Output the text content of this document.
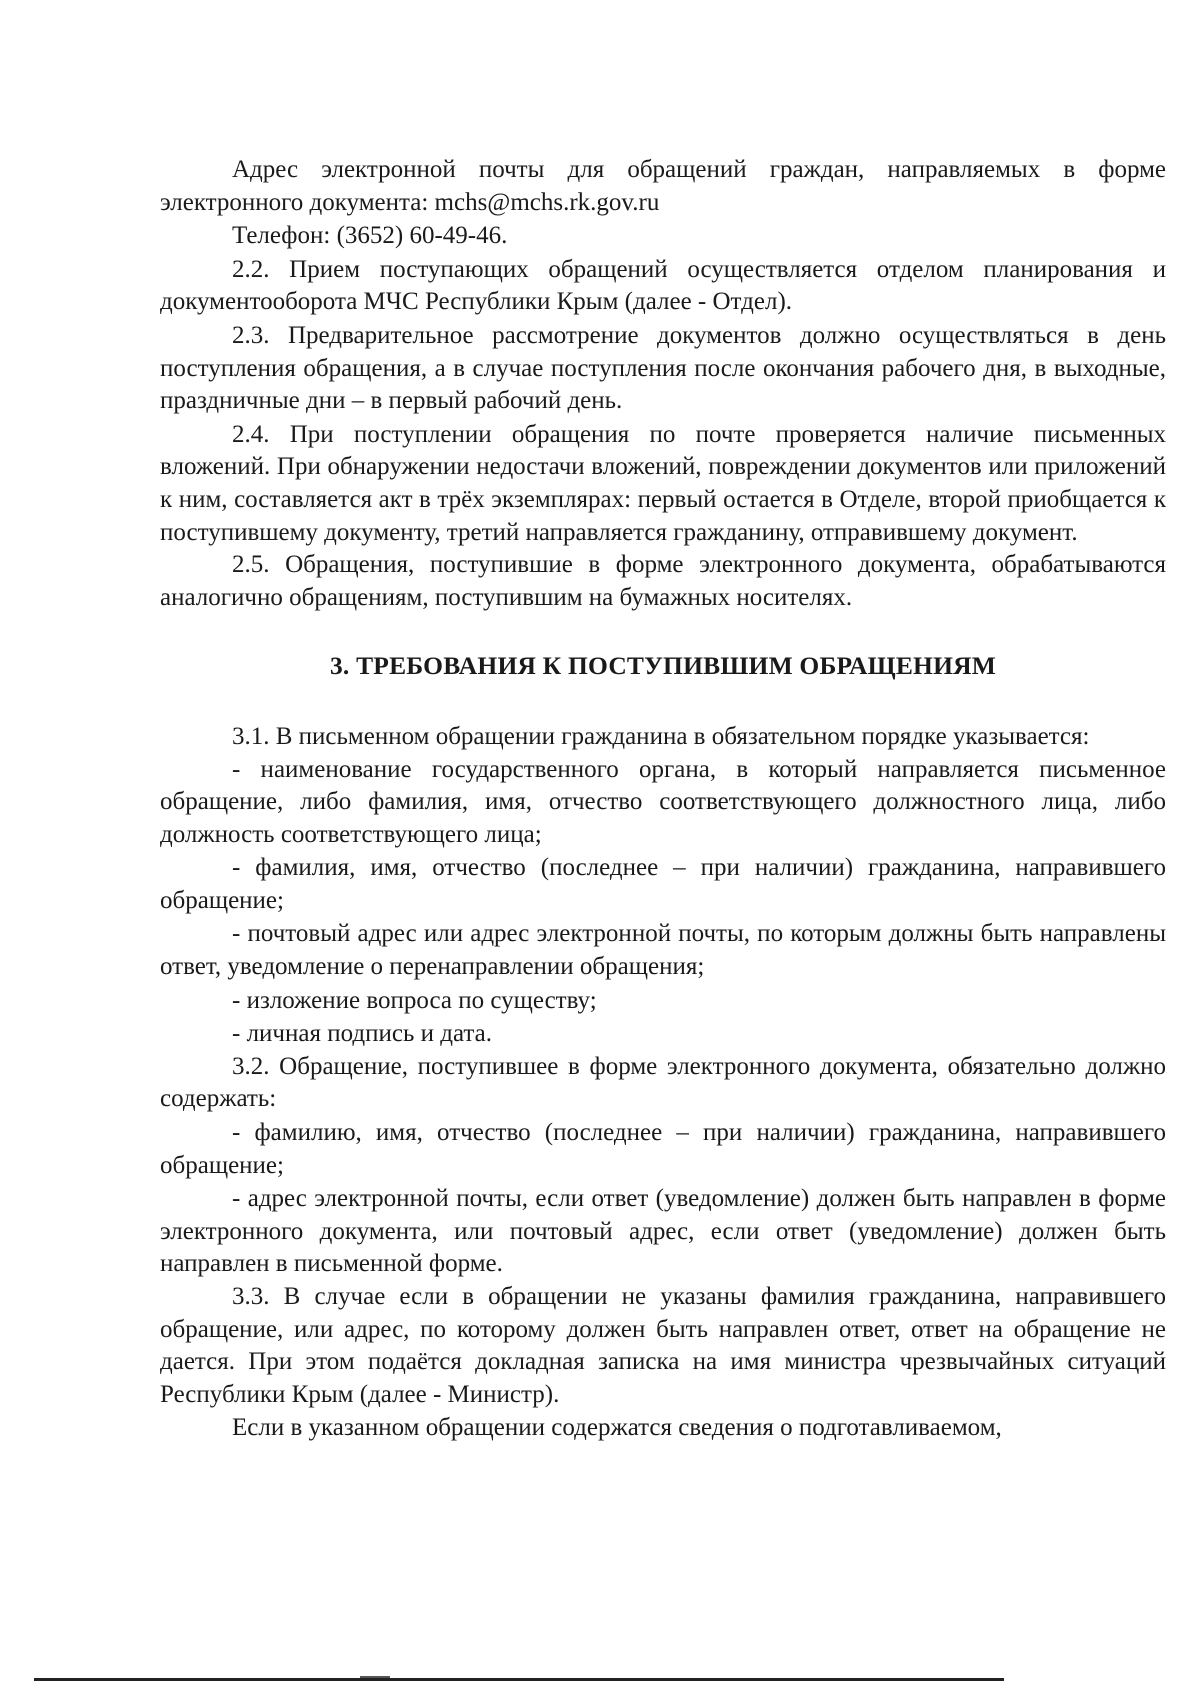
Адрес электронной почты для обращений граждан, направляемых в форме электронного документа: mchs@mchs.rk.gov.ru

Телефон: (3652) 60-49-46.

2.2. Прием поступающих обращений осуществляется отделом планирования и документооборота МЧС Республики Крым (далее - Отдел).

2.3. Предварительное рассмотрение документов должно осуществляться в день поступления обращения, а в случае поступления после окончания рабочего дня, в выходные, праздничные дни – в первый рабочий день.

2.4. При поступлении обращения по почте проверяется наличие письменных вложений. При обнаружении недостачи вложений, повреждении документов или приложений к ним, составляется акт в трёх экземплярах: первый остается в Отделе, второй приобщается к поступившему документу, третий направляется гражданину, отправившему документ.

2.5. Обращения, поступившие в форме электронного документа, обрабатываются аналогично обращениям, поступившим на бумажных носителях.

3. ТРЕБОВАНИЯ К ПОСТУПИВШИМ ОБРАЩЕНИЯМ

3.1. В письменном обращении гражданина в обязательном порядке указывается:

- наименование государственного органа, в который направляется письменное обращение, либо фамилия, имя, отчество соответствующего должностного лица, либо должность соответствующего лица;

- фамилия, имя, отчество (последнее – при наличии) гражданина, направившего обращение;

- почтовый адрес или адрес электронной почты, по которым должны быть направлены ответ, уведомление о перенаправлении обращения;

- изложение вопроса по существу;

- личная подпись и дата.

3.2. Обращение, поступившее в форме электронного документа, обязательно должно содержать:

- фамилию, имя, отчество (последнее – при наличии) гражданина, направившего обращение;

- адрес электронной почты, если ответ (уведомление) должен быть направлен в форме электронного документа, или почтовый адрес, если ответ (уведомление) должен быть направлен в письменной форме.

3.3. В случае если в обращении не указаны фамилия гражданина, направившего обращение, или адрес, по которому должен быть направлен ответ, ответ на обращение не дается. При этом подаётся докладная записка на имя министра чрезвычайных ситуаций Республики Крым (далее - Министр).

Если в указанном обращении содержатся сведения о подготавливаемом,
